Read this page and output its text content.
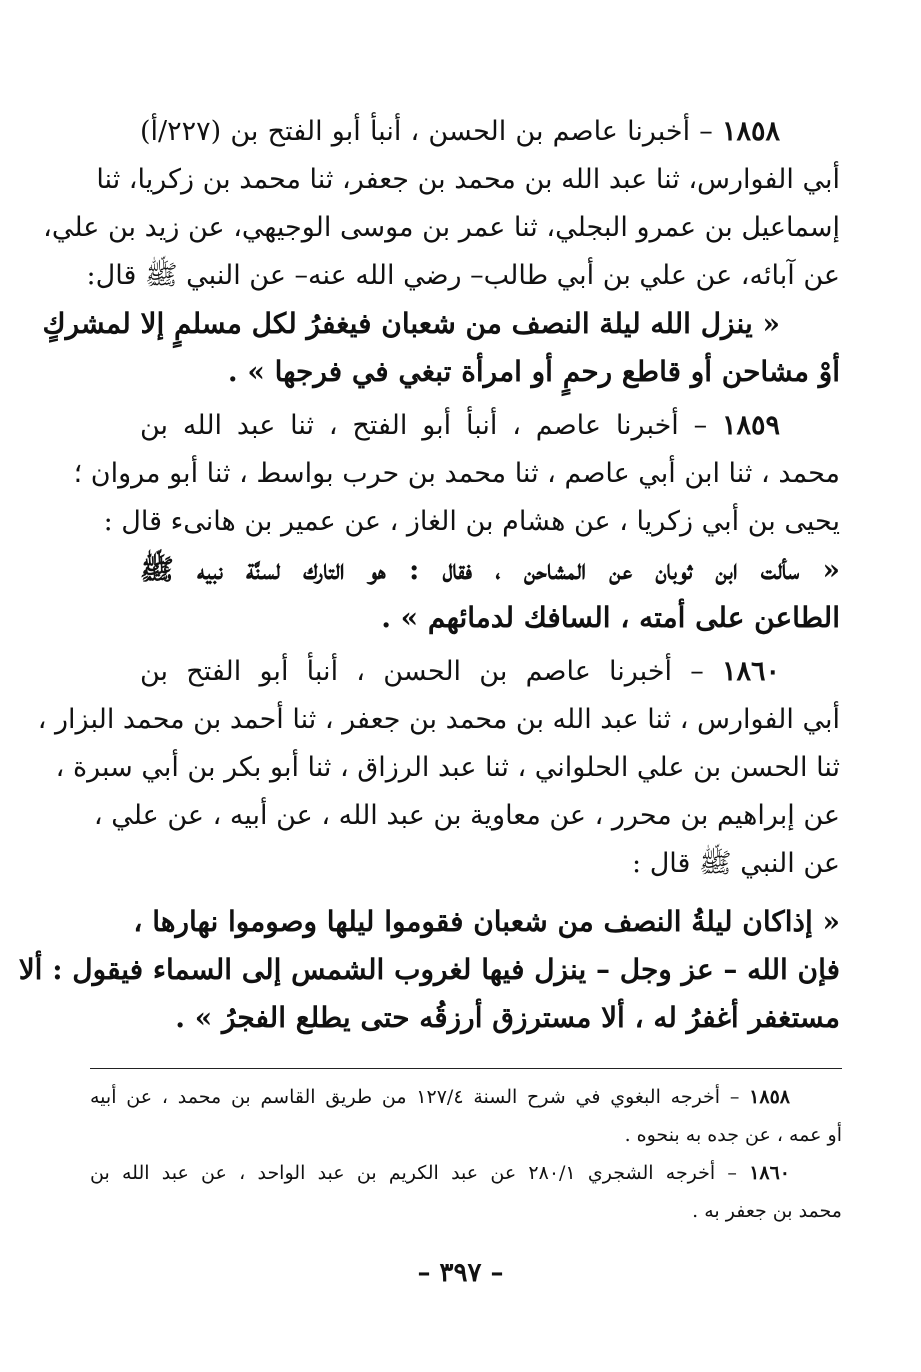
١٨٥٨ – أخبرنا عاصم بن الحسن ، أنبأ أبو الفتح بن (٢٢٧/أ)
أبي الفوارس، ثنا عبد الله بن محمد بن جعفر، ثنا محمد بن زكريا، ثنا
إسماعيل بن عمرو البجلي، ثنا عمر بن موسى الوجيهي، عن زيد بن علي،
عن آبائه، عن علي بن أبي طالب– رضي الله عنه– عن النبي ﷺ قال:
« ينزل الله ليلة النصف من شعبان فيغفرُ لكل مسلمٍ إلا لمشركٍ
أوْ مشاحن أو قاطع رحمٍ أو امرأة تبغي في فرجها » .
١٨٥٩ – أخبرنا عاصم ، أنبأ أبو الفتح ، ثنا عبد الله بن
محمد ، ثنا ابن أبي عاصم ، ثنا محمد بن حرب بواسط ، ثنا أبو مروان ؛
يحيى بن أبي زكريا ، عن هشام بن الغاز ، عن عمير بن هانىء قال :
« سألت ابن ثوبان عن المشاحن ، فقال : هو التارك لسنَّة نبيه ﷺ
الطاعن على أمته ، السافك لدمائهم » .
١٨٦٠ – أخبرنا عاصم بن الحسن ، أنبأ أبو الفتح بن
أبي الفوارس ، ثنا عبد الله بن محمد بن جعفر ، ثنا أحمد بن محمد البزار ،
ثنا الحسن بن علي الحلواني ، ثنا عبد الرزاق ، ثنا أبو بكر بن أبي سبرة ،
عن إبراهيم بن محرر ، عن معاوية بن عبد الله ، عن أبيه ، عن علي ،
عن النبي ﷺ قال :
« إذاكان ليلةُ النصف من شعبان فقوموا ليلها وصوموا نهارها ،
فإن الله – عز وجل – ينزل فيها لغروب الشمس إلى السماء فيقول : ألا
مستغفر أغفرُ له ، ألا مسترزق أرزقُه حتى يطلع الفجرُ » .
١٨٥٨ – أخرجه البغوي في شرح السنة ١٢٧/٤ من طريق القاسم بن محمد ، عن أبيه
أو عمه ، عن جده به بنحوه .
١٨٦٠ – أخرجه الشجري ٢٨٠/١ عن عبد الكريم بن عبد الواحد ، عن عبد الله بن
محمد بن جعفر به .
– ٣٩٧ –
